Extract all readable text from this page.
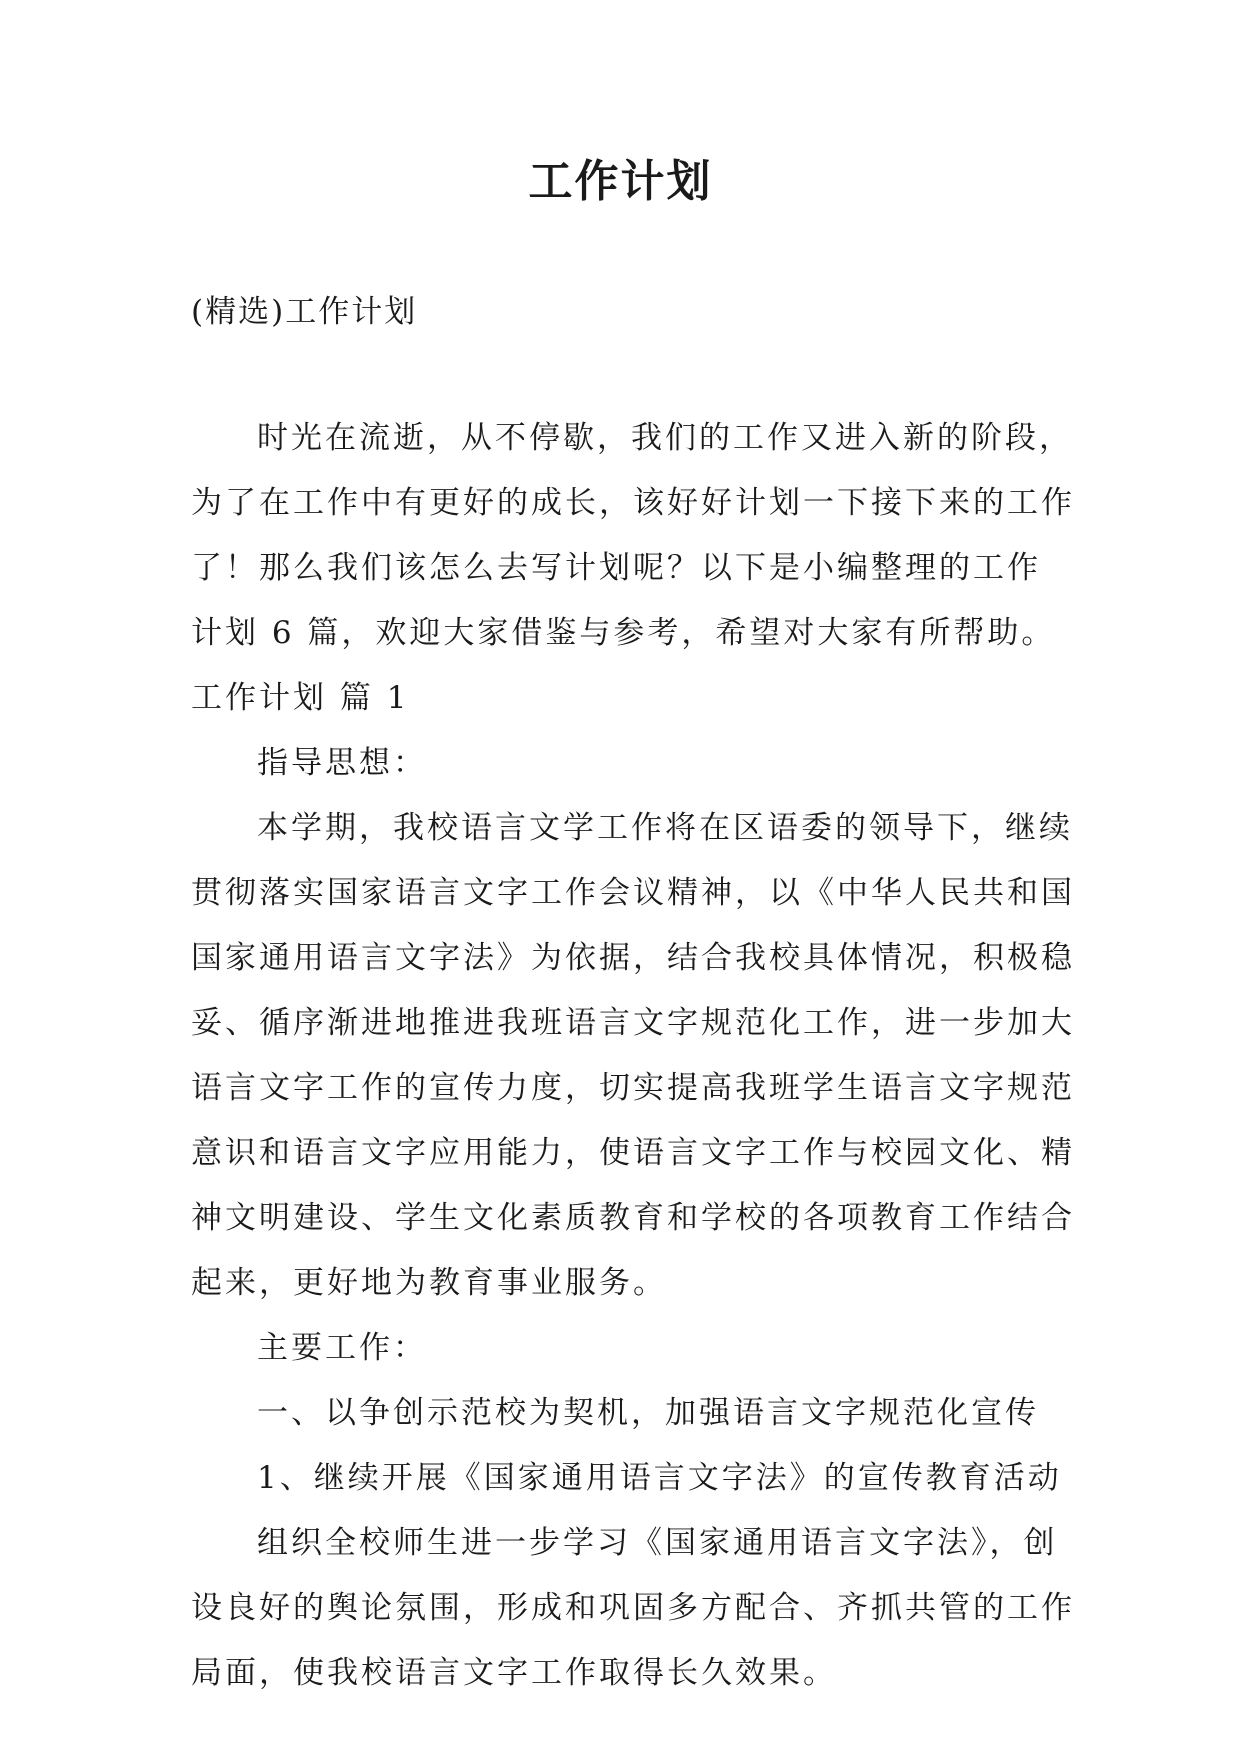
工作计划
(精选)工作计划
时光在流逝，从不停歇，我们的工作又进入新的阶段，
为了在工作中有更好的成长，该好好计划一下接下来的工作
了！那么我们该怎么去写计划呢？以下是小编整理的工作
计划 6 篇，欢迎大家借鉴与参考，希望对大家有所帮助。
工作计划 篇 1
指导思想：
本学期，我校语言文学工作将在区语委的领导下，继续
贯彻落实国家语言文字工作会议精神，以《中华人民共和国
国家通用语言文字法》为依据，结合我校具体情况，积极稳
妥、循序渐进地推进我班语言文字规范化工作，进一步加大
语言文字工作的宣传力度，切实提高我班学生语言文字规范
意识和语言文字应用能力，使语言文字工作与校园文化、精
神文明建设、学生文化素质教育和学校的各项教育工作结合
起来，更好地为教育事业服务。
主要工作：
一、以争创示范校为契机，加强语言文字规范化宣传
1、继续开展《国家通用语言文字法》的宣传教育活动
组织全校师生进一步学习《国家通用语言文字法》，创
设良好的舆论氛围，形成和巩固多方配合、齐抓共管的工作
局面，使我校语言文字工作取得长久效果。
